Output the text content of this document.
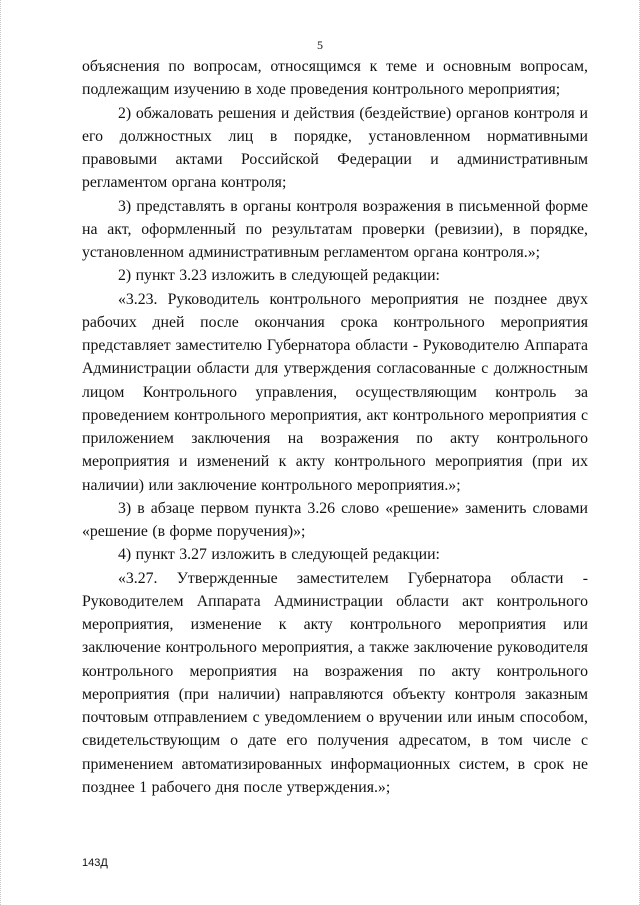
5

объяснения по вопросам, относящимся к теме и основным вопросам, подлежащим изучению в ходе проведения контрольного мероприятия;

2) обжаловать решения и действия (бездействие) органов контроля и его должностных лиц в порядке, установленном нормативными правовыми актами Российской Федерации и административным регламентом органа контроля;

3) представлять в органы контроля возражения в письменной форме на акт, оформленный по результатам проверки (ревизии), в порядке, установленном административным регламентом органа контроля.»;

2) пункт 3.23 изложить в следующей редакции:

«3.23. Руководитель контрольного мероприятия не позднее двух рабочих дней после окончания срока контрольного мероприятия представляет заместителю Губернатора области - Руководителю Аппарата Администрации области для утверждения согласованные с должностным лицом Контрольного управления, осуществляющим контроль за проведением контрольного мероприятия, акт контрольного мероприятия с приложением заключения на возражения по акту контрольного мероприятия и изменений к акту контрольного мероприятия (при их наличии) или заключение контрольного мероприятия.»;

3) в абзаце первом пункта 3.26 слово «решение» заменить словами «решение (в форме поручения)»;

4) пункт 3.27 изложить в следующей редакции:

«3.27. Утвержденные заместителем Губернатора области - Руководителем Аппарата Администрации области акт контрольного мероприятия, изменение к акту контрольного мероприятия или заключение контрольного мероприятия, а также заключение руководителя контрольного мероприятия на возражения по акту контрольного мероприятия (при наличии) направляются объекту контроля заказным почтовым отправлением с уведомлением о вручении или иным способом, свидетельствующим о дате его получения адресатом, в том числе с применением автоматизированных информационных систем, в срок не позднее 1 рабочего дня после утверждения.»;

143Д
